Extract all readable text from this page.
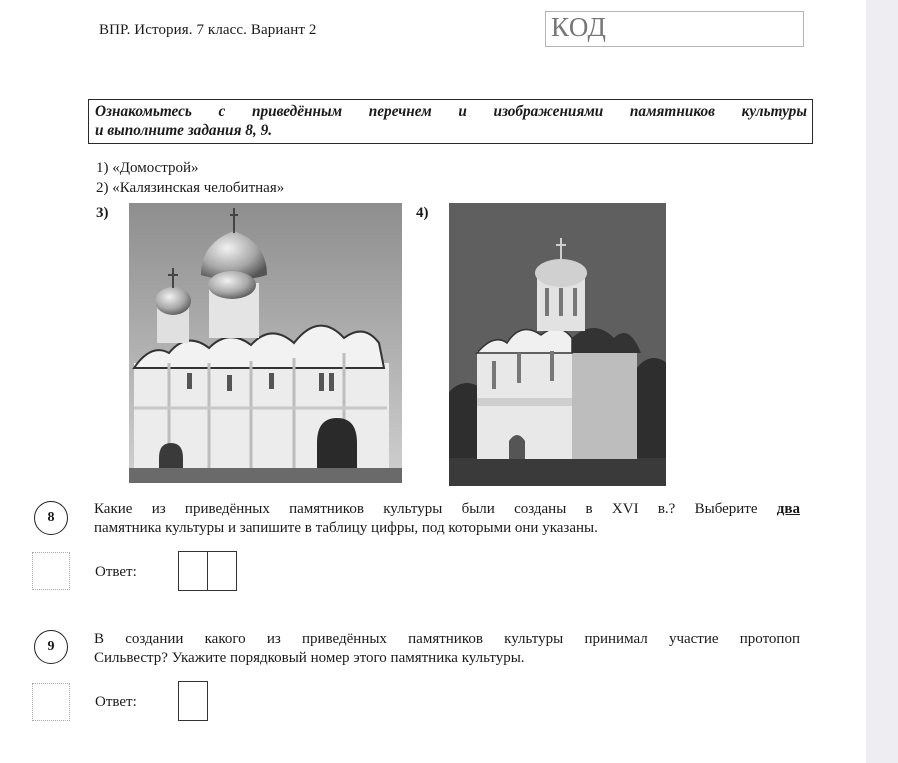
ВПР. История. 7 класс. Вариант 2	КОД
Ознакомьтесь с приведённым перечнем и изображениями памятников культуры
и выполните задания 8, 9.
1) «Домострой»
2) «Калязинская челобитная»
3)	4)
8
Какие из приведённых памятников культуры были созданы в XVI в.? Выберите два
памятника культуры и запишите в таблицу цифры, под которыми они указаны.
Ответ:
9	В создании какого из приведённых памятников культуры принимал участие протопоп
Сильвестр? Укажите порядковый номер этого памятника культуры.
Ответ:
